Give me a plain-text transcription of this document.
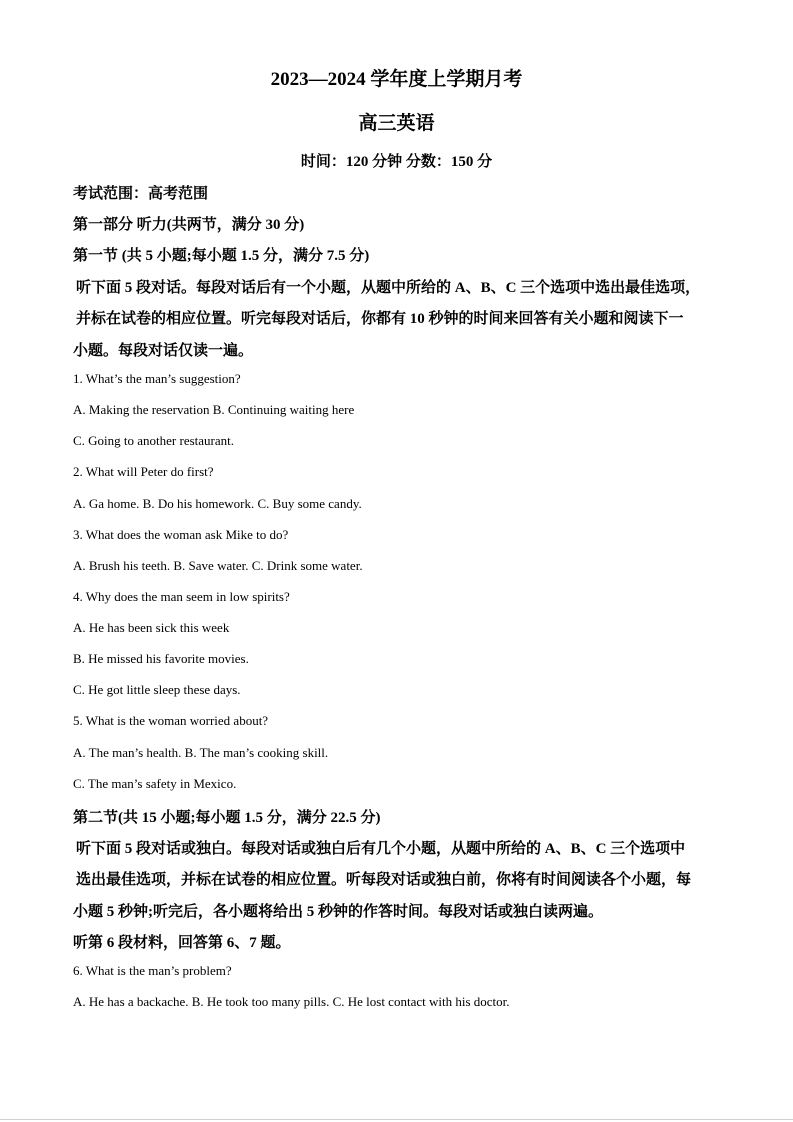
2023—2024 学年度上学期月考
高三英语
时间：120 分钟 分数：150 分
考试范围：高考范围
第一部分 听力(共两节，满分 30 分)
第一节 (共 5 小题;每小题 1.5 分，满分 7.5 分)
听下面 5 段对话。每段对话后有一个小题，从题中所给的 A、B、C 三个选项中选出最佳选项，
并标在试卷的相应位置。听完每段对话后，你都有 10 秒钟的时间来回答有关小题和阅读下一
小题。每段对话仅读一遍。
1. What’s the man’s suggestion?
A. Making the reservation B. Continuing waiting here
C. Going to another restaurant.
2. What will Peter do first?
A. Ga home. B. Do his homework. C. Buy some candy.
3. What does the woman ask Mike to do?
A. Brush his teeth. B. Save water. C. Drink some water.
4. Why does the man seem in low spirits?
A. He has been sick this week
B. He missed his favorite movies.
C. He got little sleep these days.
5. What is the woman worried about?
A. The man’s health. B. The man’s cooking skill.
C. The man’s safety in Mexico.
第二节(共 15 小题;每小题 1.5 分，满分 22.5 分)
听下面 5 段对话或独白。每段对话或独白后有几个小题，从题中所给的 A、B、C 三个选项中
选出最佳选项，并标在试卷的相应位置。听每段对话或独白前，你将有时间阅读各个小题，每
小题 5 秒钟;听完后，各小题将给出 5 秒钟的作答时间。每段对话或独白读两遍。
听第 6 段材料，回答第 6、7 题。
6. What is the man’s problem?
A. He has a backache. B. He took too many pills. C. He lost contact with his doctor.
